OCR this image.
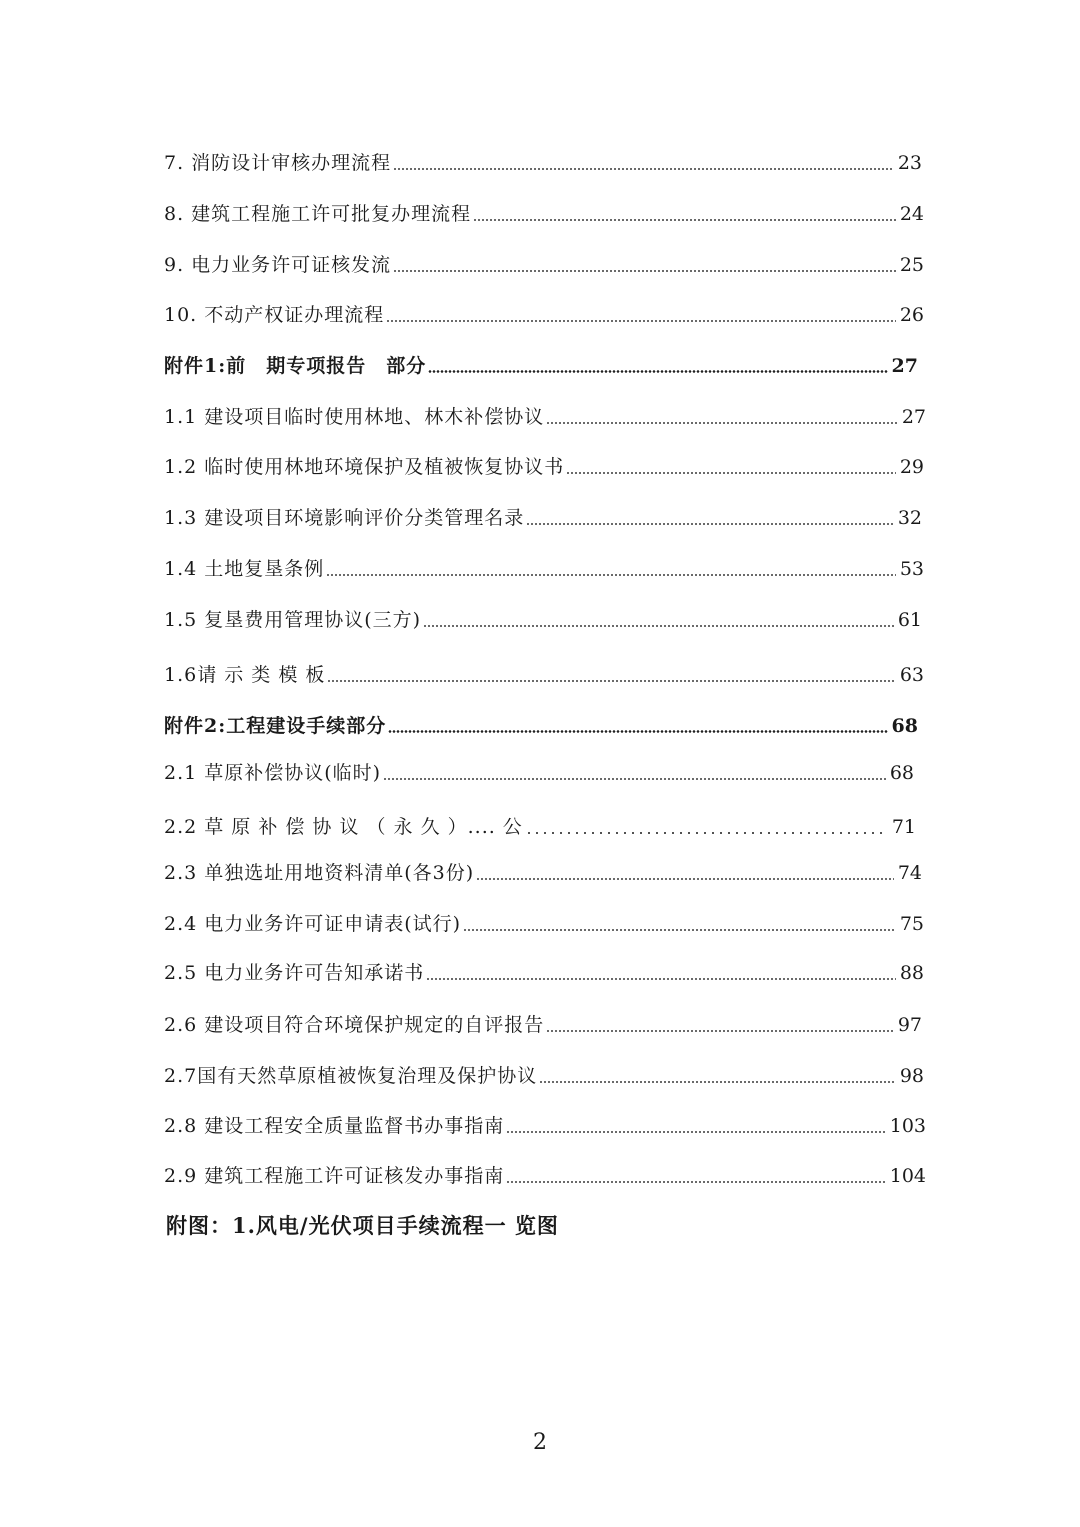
7. 消防设计审核办理流程	23
8. 建筑工程施工许可批复办理流程	24
9. 电力业务许可证核发流	25
10. 不动产权证办理流程	26
附件1:前　期专项报告　部分	27
1.1 建设项目临时使用林地、林木补偿协议	27
1.2 临时使用林地环境保护及植被恢复协议书	29
1.3 建设项目环境影响评价分类管理名录	32
1.4 土地复垦条例	53
1.5 复垦费用管理协议(三方)	61
1.6请 示 类 模 板	63
附件2:工程建设手续部分	68
2.1 草原补偿协议(临时)	68
2.2 草 原 补 偿 协 议 （ 永 久 ）.... 公	71
2.3 单独选址用地资料清单(各3份)	74
2.4 电力业务许可证申请表(试行)	75
2.5 电力业务许可告知承诺书	88
2.6 建设项目符合环境保护规定的自评报告	97
2.7国有天然草原植被恢复治理及保护协议	98
2.8 建设工程安全质量监督书办事指南	103
2.9 建筑工程施工许可证核发办事指南	104
附图：1.风电/光伏项目手续流程一 览图
2
